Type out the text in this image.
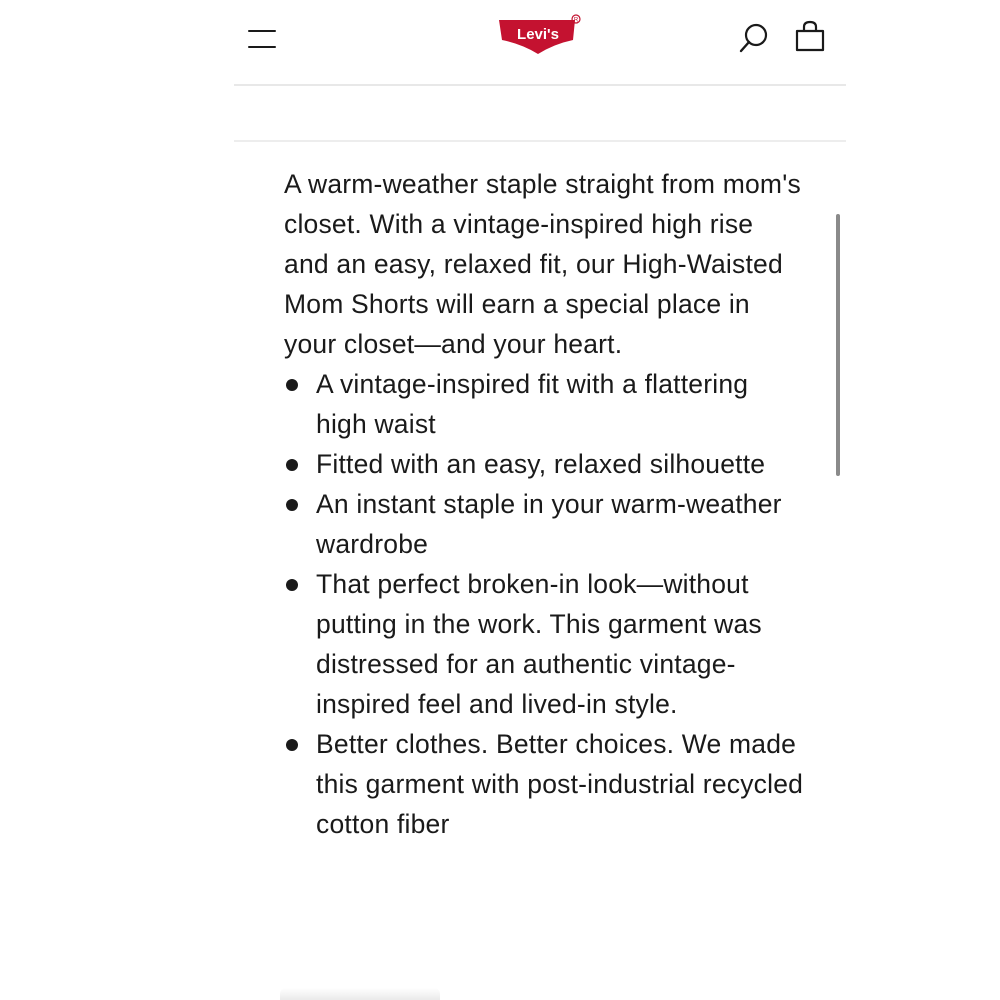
Levi's
R

A warm-weather staple straight from mom's closet. With a vintage-inspired high rise and an easy, relaxed fit, our High-Waisted Mom Shorts will earn a special place in your closet—and your heart.

A vintage-inspired fit with a flattering high waist
Fitted with an easy, relaxed silhouette
An instant staple in your warm-weather wardrobe
That perfect broken-in look—without putting in the work. This garment was distressed for an authentic vintage-inspired feel and lived-in style.
Better clothes. Better choices. We made this garment with post-industrial recycled cotton fiber
